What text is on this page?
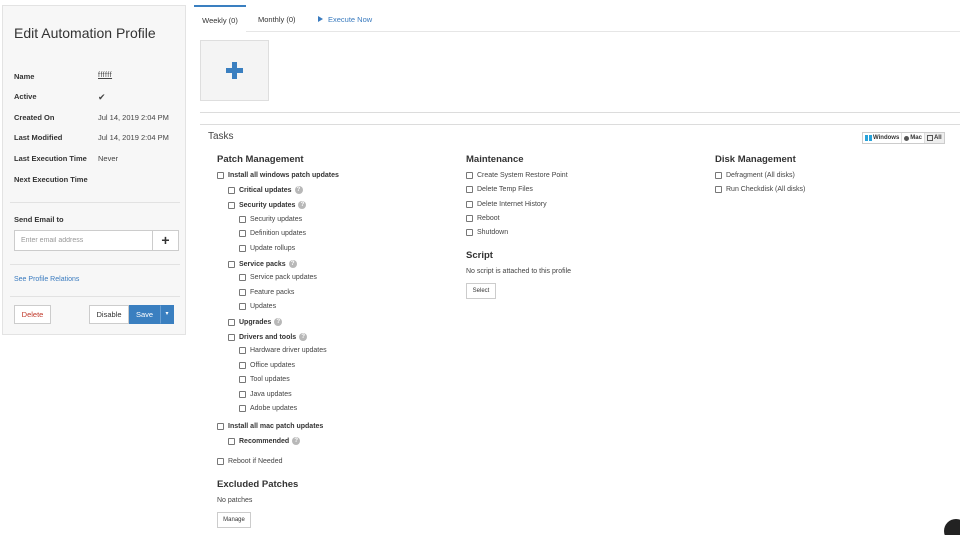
Edit Automation Profile
Name	ffffff
Active	✔
Created On	Jul 14, 2019 2:04 PM
Last Modified	Jul 14, 2019 2:04 PM
Last Execution Time Never
Next Execution Time
Send Email to
Enter email address
+
See Profile Relations
Delete	Disable	Save	▾
Weekly (0)	Monthly (0)	Execute Now
Tasks	Windows Mac All
Patch Management
Install all windows patch updates
Critical updates ?
Security updates ?
Security updates
Definition updates
Update rollups
Service packs ?
Service pack updates
Feature packs
Updates
Upgrades ?
Drivers and tools ?
Hardware driver updates
Office updates
Tool updates
Java updates
Adobe updates
Install all mac patch updates
Recommended ?
Reboot if Needed
Excluded Patches
No patches
Manage
Maintenance
Create System Restore Point
Delete Temp Files
Delete Internet History
Reboot
Shutdown
Script
No script is attached to this profile
Select
Disk Management
Defragment (All disks)
Run Checkdisk (All disks)
